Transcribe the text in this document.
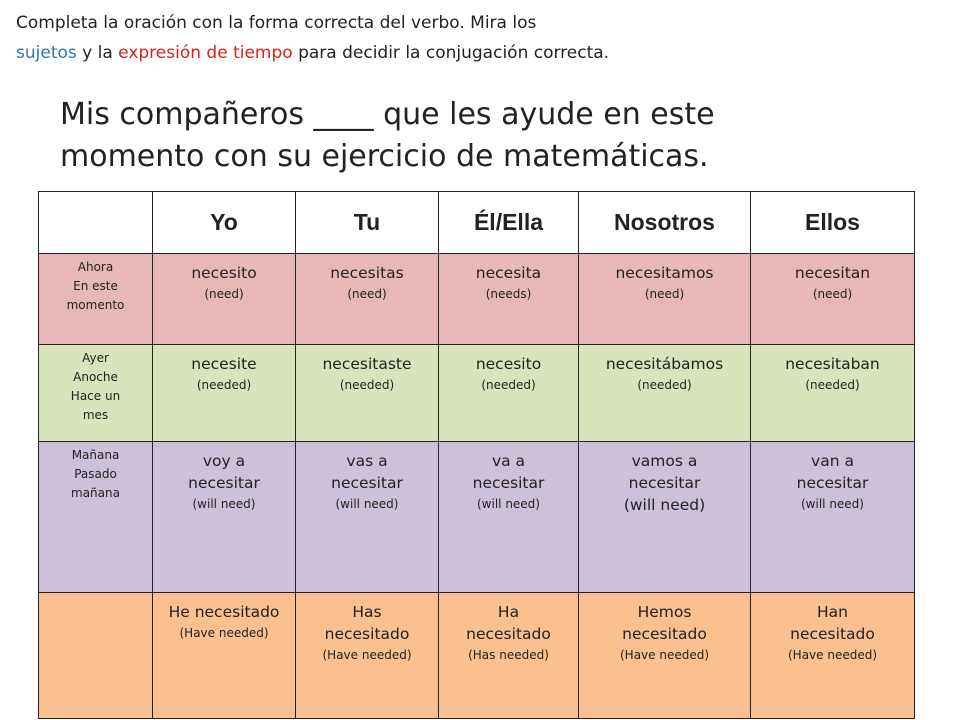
Completa la oración con la forma correcta del verbo. Mira los
sujetos y la expresión de tiempo para decidir la conjugación correcta.
Mis compañeros ____ que les ayude en este
momento con su ejercicio de matemáticas.
	Yo	Tu	Él/Ella	Nosotros	Ellos

Ahora
En este
momento	necesito
(need)	necesitas
(need)	necesita
(needs)	necesitamos
(need)	necesitan
(need)

Ayer
Anoche
Hace un
mes	necesite
(needed)	necesitaste
(needed)	necesito
(needed)	necesitábamos
(needed)	necesitaban
(needed)

Mañana
Pasado
mañana	voy a
necesitar
(will need)	vas a
necesitar
(will need)	va a
necesitar
(will need)	vamos a
necesitar
(will need)	van a
necesitar
(will need)

	He necesitado
(Have needed)	Has
necesitado
(Have needed)	Ha
necesitado
(Has needed)	Hemos
necesitado
(Have needed)	Han
necesitado
(Have needed)
